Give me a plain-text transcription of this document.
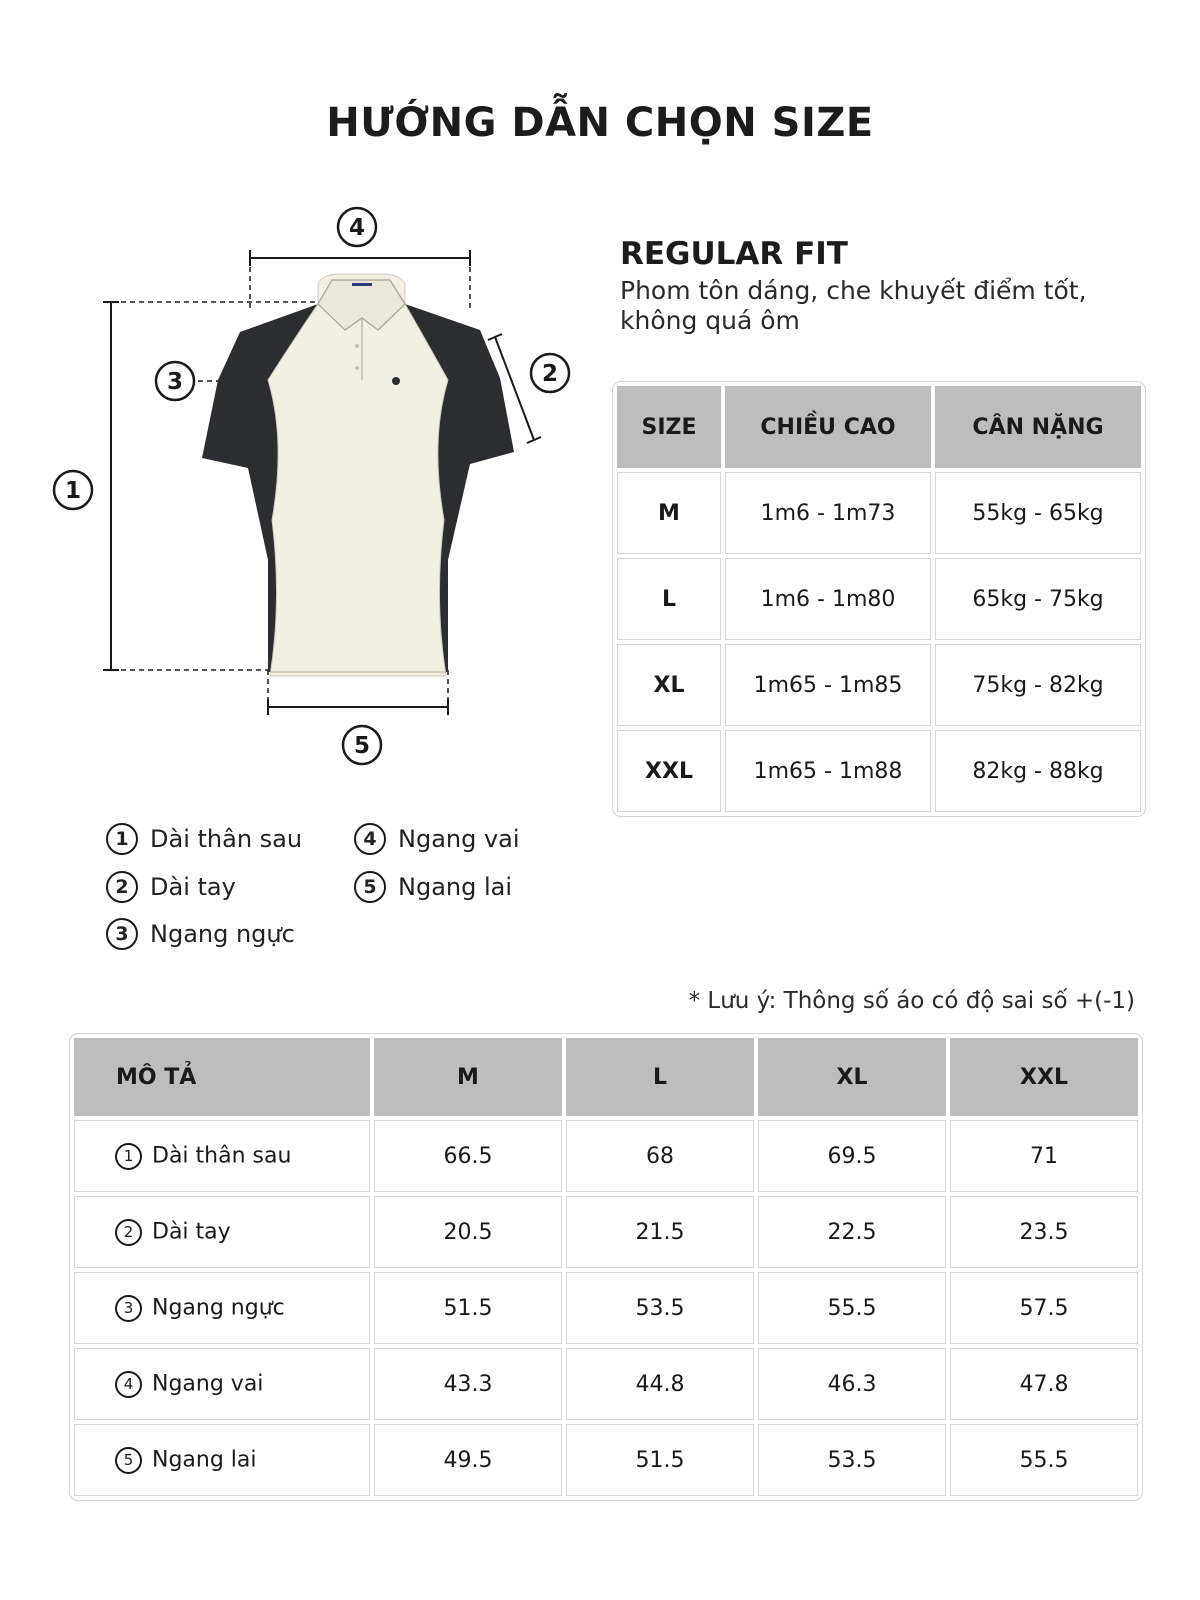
HƯỚNG DẪN CHỌN SIZE
4
3	2
1
5
REGULAR FIT
Phom tôn dáng, che khuyết điểm tốt, không quá ôm
SIZE	CHIỀU CAO	CÂN NẶNG
M	1m6 - 1m73	55kg - 65kg
L	1m6 - 1m80	65kg - 75kg
XL	1m65 - 1m85	75kg - 82kg
XXL	1m65 - 1m88	82kg - 88kg
1 Dài thân sau
2 Dài tay
3 Ngang ngực
4 Ngang vai
5 Ngang lai
* Lưu ý: Thông số áo có độ sai số +(-1)
MÔ TẢ	M	L	XL	XXL
1 Dài thân sau	66.5	68	69.5	71
2 Dài tay	20.5	21.5	22.5	23.5
3 Ngang ngực	51.5	53.5	55.5	57.5
4 Ngang vai	43.3	44.8	46.3	47.8
5 Ngang lai	49.5	51.5	53.5	55.5
